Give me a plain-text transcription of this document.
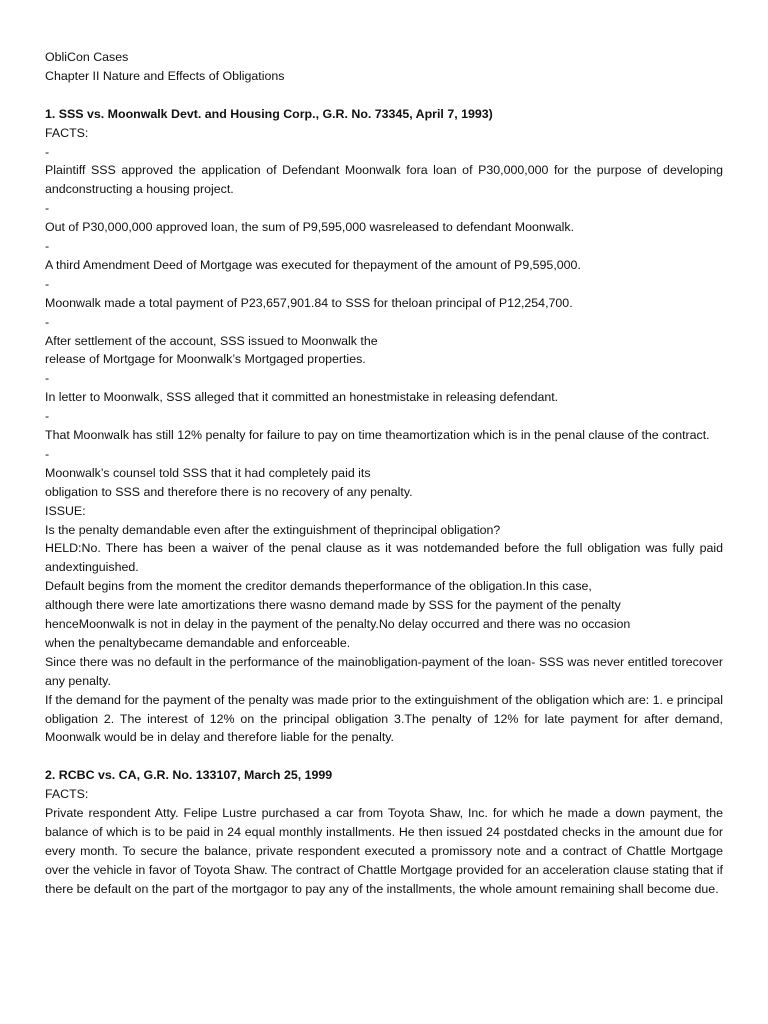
ObliCon Cases
Chapter II Nature and Effects of Obligations
1. SSS vs. Moonwalk Devt. and Housing Corp., G.R. No. 73345, April 7, 1993)
FACTS:
-
Plaintiff SSS approved the application of Defendant Moonwalk fora loan of P30,000,000 for the purpose of developing andconstructing a housing project.
-
Out of P30,000,000 approved loan, the sum of P9,595,000 wasreleased to defendant Moonwalk.
-
A third Amendment Deed of Mortgage was executed for thepayment of the amount of P9,595,000.
-
Moonwalk made a total payment of P23,657,901.84 to SSS for theloan principal of P12,254,700.
-
After settlement of the account, SSS issued to Moonwalk the
release of Mortgage for Moonwalk’s Mortgaged properties.
-
In letter to Moonwalk, SSS alleged that it committed an honestmistake in releasing defendant.
-
That Moonwalk has still 12% penalty for failure to pay on time theamortization which is in the penal clause of the contract.
-
Moonwalk’s counsel told SSS that it had completely paid its
obligation to SSS and therefore there is no recovery of any penalty.
ISSUE:
Is the penalty demandable even after the extinguishment of theprincipal obligation?
HELD:No. There has been a waiver of the penal clause as it was notdemanded before the full obligation was fully paid andextinguished.
Default begins from the moment the creditor demands theperformance of the obligation.In this case,
although there were late amortizations there wasno demand made by SSS for the payment of the penalty
henceMoonwalk is not in delay in the payment of the penalty.No delay occurred and there was no occasion
when the penaltybecame demandable and enforceable.
Since there was no default in the performance of the mainobligation-payment of the loan- SSS was never entitled torecover any penalty.
If the demand for the payment of the penalty was made prior to the extinguishment of the obligation which are: 1. e principal obligation 2. The interest of 12% on the principal obligation 3.The penalty of 12% for late payment for after demand, Moonwalk would be in delay and therefore liable for the penalty.
2. RCBC vs. CA, G.R. No. 133107, March 25, 1999
FACTS:
Private respondent Atty. Felipe Lustre purchased a car from Toyota Shaw, Inc. for which he made a down payment, the balance of which is to be paid in 24 equal monthly installments. He then issued 24 postdated checks in the amount due for every month. To secure the balance, private respondent executed a promissory note and a contract of Chattle Mortgage over the vehicle in favor of Toyota Shaw. The contract of Chattle Mortgage provided for an acceleration clause stating that if there be default on the part of the mortgagor to pay any of the installments, the whole amount remaining shall become due.
